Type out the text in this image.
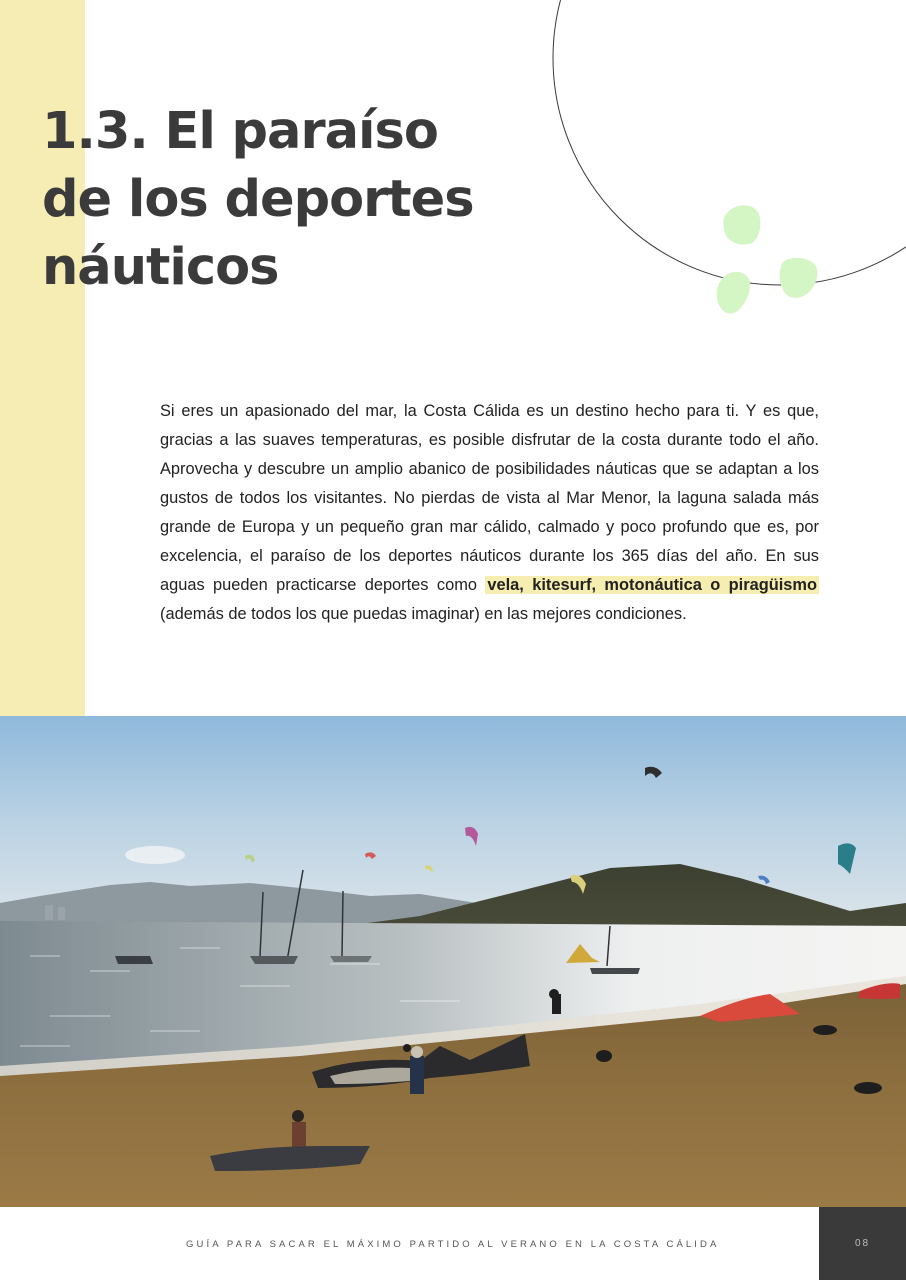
1.3. El paraíso
de los deportes
náuticos

Si eres un apasionado del mar, la Costa Cálida es un destino hecho para ti. Y es que, gracias a las suaves temperaturas, es posible disfrutar de la costa durante todo el año. Aprovecha y descubre un amplio abanico de posibilidades náuticas que se adaptan a los gustos de todos los visitantes. No pierdas de vista al Mar Menor, la laguna salada más grande de Europa y un pequeño gran mar cálido, calmado y poco profundo que es, por excelencia, el paraíso de los deportes náuticos durante los 365 días del año. En sus aguas pueden practicarse deportes como vela, kitesurf, motonáutica o piragüismo (además de todos los que puedas imaginar) en las mejores condiciones.

GUÍA PARA SACAR EL MÁXIMO PARTIDO AL VERANO EN LA COSTA CÁLIDA	08
